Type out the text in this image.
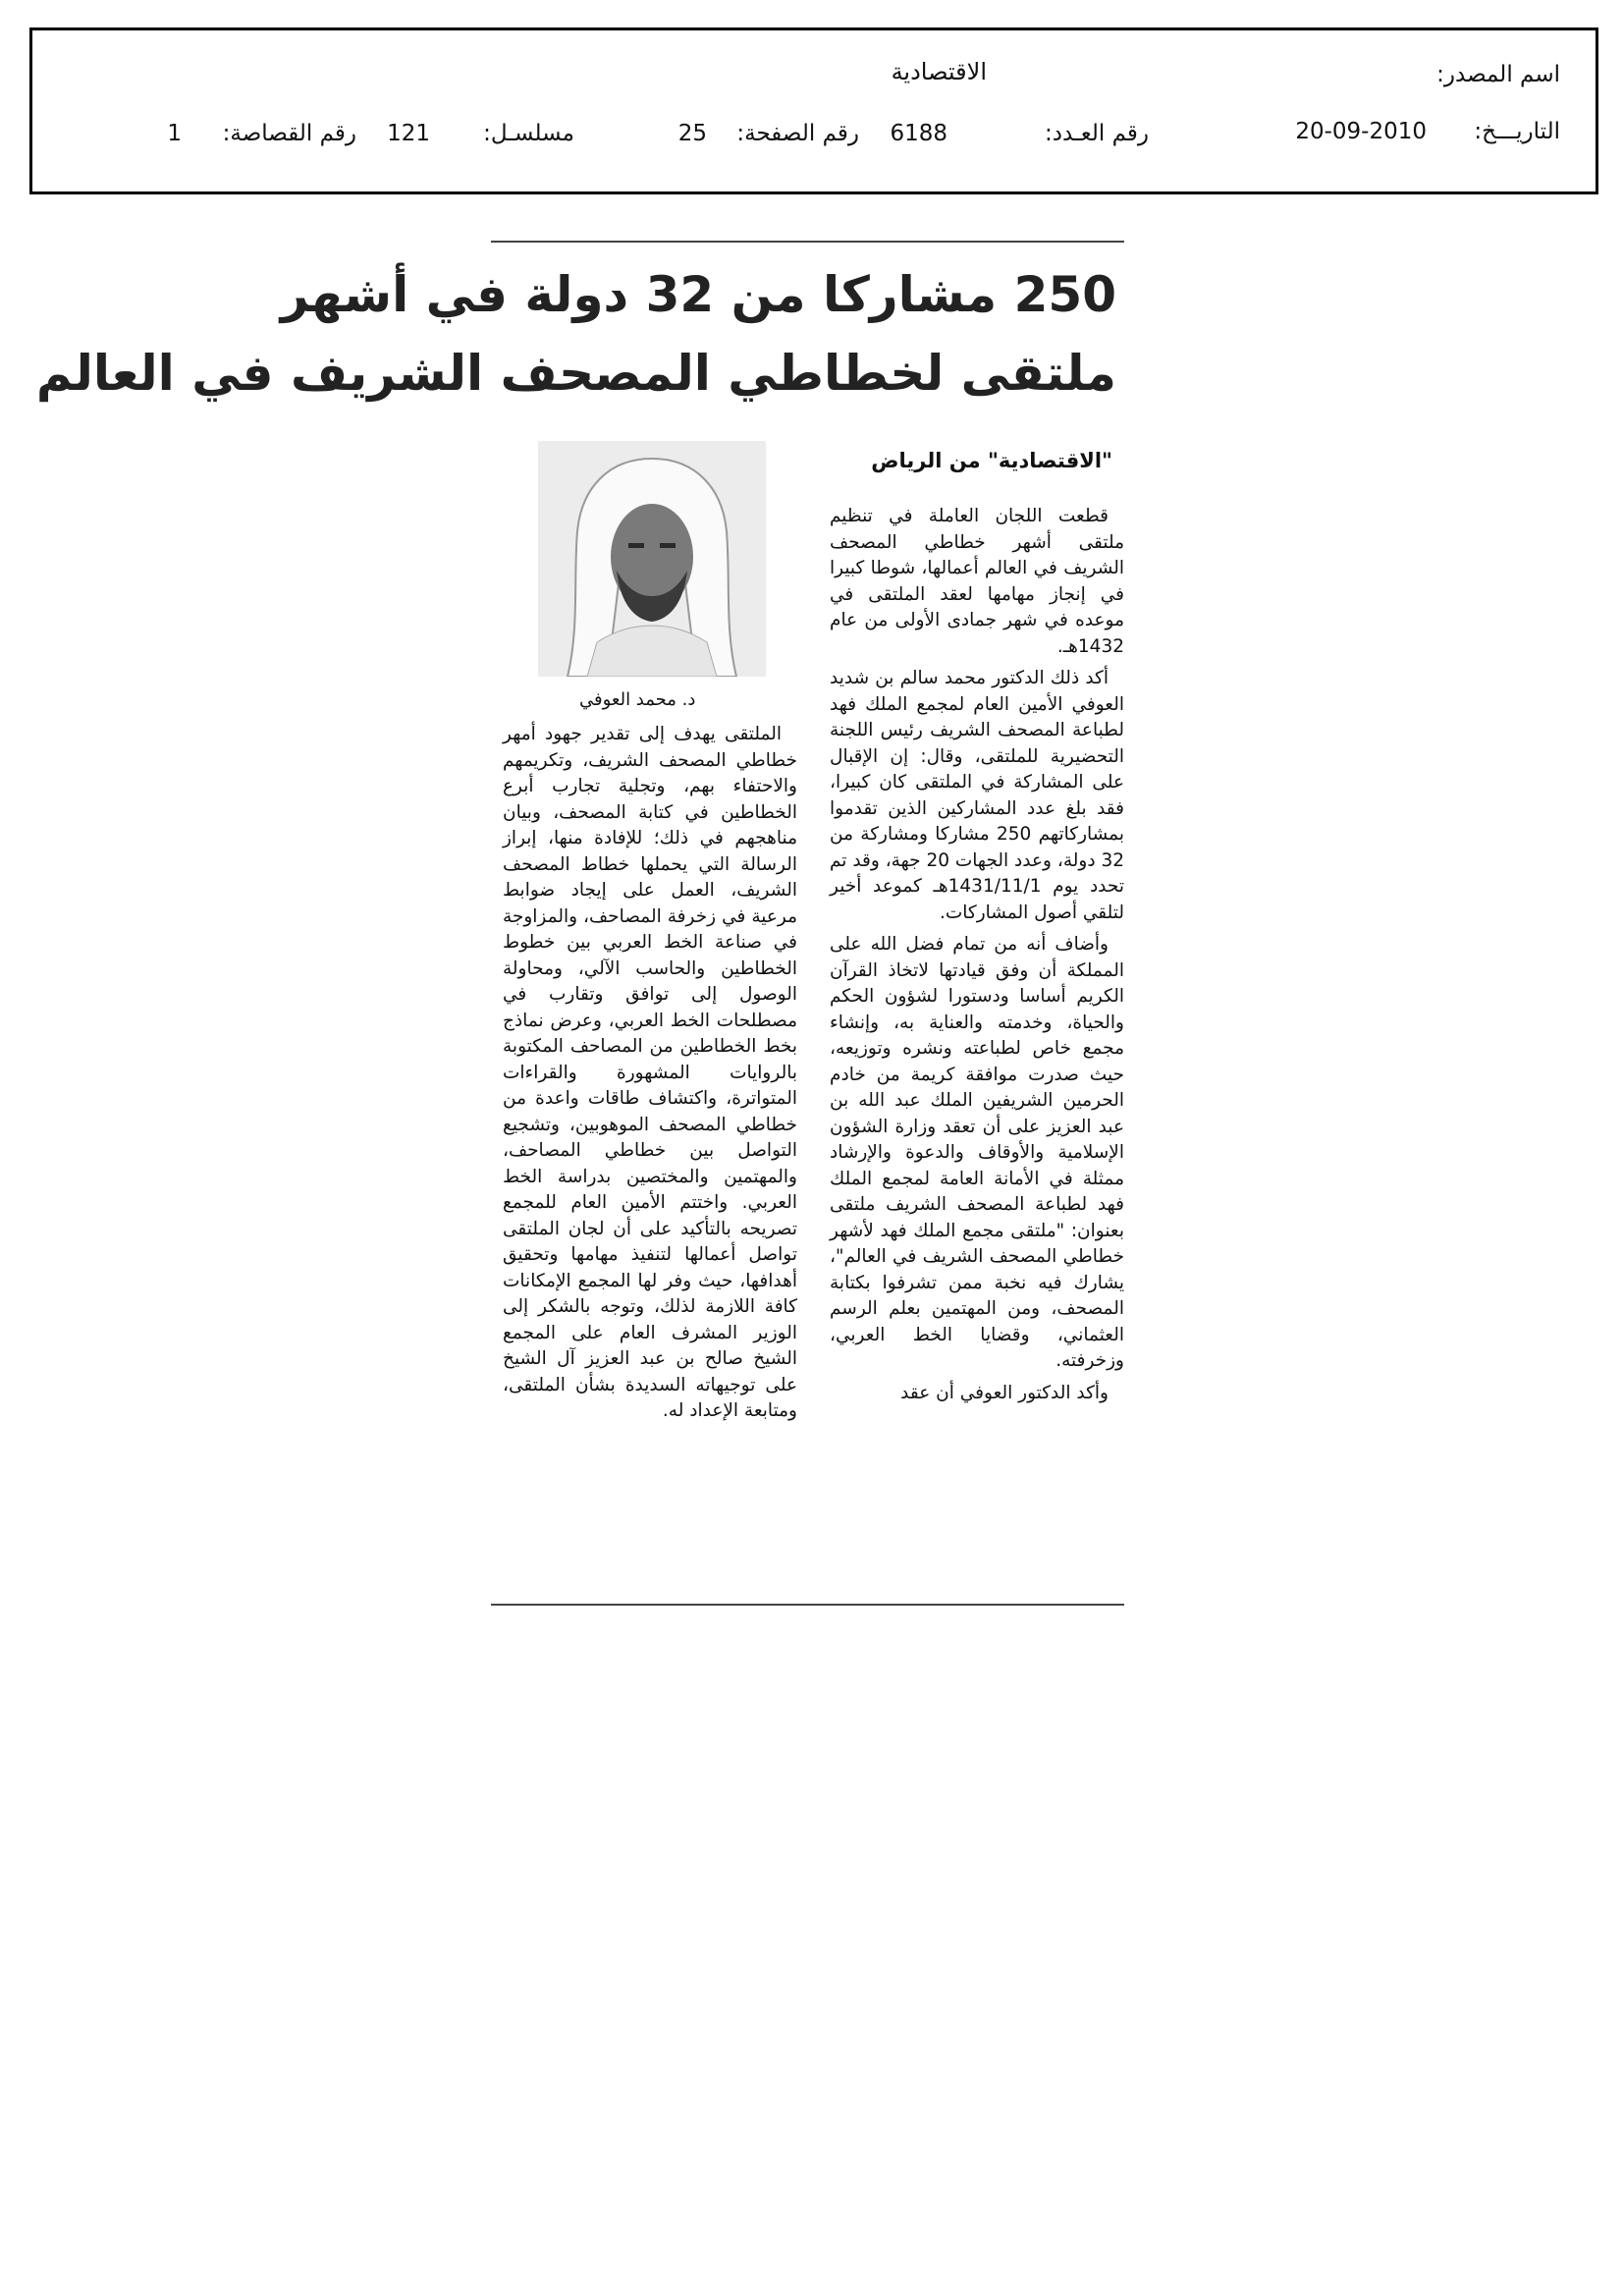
اسم المصدر:
الاقتصادية
التاريـــخ:
20-09-2010
رقم العـدد:
6188
رقم الصفحة:
25
مسلسـل:
121
رقم القصاصة:
1
250 مشاركا من 32 دولة في أشهر
ملتقى لخطاطي المصحف الشريف في العالم
"الاقتصادية" من الرياض
د. محمد العوفي

قطعت اللجان العاملة في تنظيم ملتقى أشهر خطاطي المصحف الشريف في العالم أعمالها، شوطا كبيرا في إنجاز مهامها لعقد الملتقى في موعده في شهر جمادى الأولى من عام 1432هـ.

أكد ذلك الدكتور محمد سالم بن شديد العوفي الأمين العام لمجمع الملك فهد لطباعة المصحف الشريف رئيس اللجنة التحضيرية للملتقى، وقال: إن الإقبال على المشاركة في الملتقى كان كبيرا، فقد بلغ عدد المشاركين الذين تقدموا بمشاركاتهم 250 مشاركا ومشاركة من 32 دولة، وعدد الجهات 20 جهة، وقد تم تحدد يوم 1431/11/1هـ كموعد أخير لتلقي أصول المشاركات.

وأضاف أنه من تمام فضل الله على المملكة أن وفق قيادتها لاتخاذ القرآن الكريم أساسا ودستورا لشؤون الحكم والحياة، وخدمته والعناية به، وإنشاء مجمع خاص لطباعته ونشره وتوزيعه، حيث صدرت موافقة كريمة من خادم الحرمين الشريفين الملك عبد الله بن عبد العزيز على أن تعقد وزارة الشؤون الإسلامية والأوقاف والدعوة والإرشاد ممثلة في الأمانة العامة لمجمع الملك فهد لطباعة المصحف الشريف ملتقى بعنوان: "ملتقى مجمع الملك فهد لأشهر خطاطي المصحف الشريف في العالم"، يشارك فيه نخبة ممن تشرفوا بكتابة المصحف، ومن المهتمين بعلم الرسم العثماني، وقضايا الخط العربي، وزخرفته.

وأكد الدكتور العوفي أن عقد

الملتقى يهدف إلى تقدير جهود أمهر خطاطي المصحف الشريف، وتكريمهم والاحتفاء بهم، وتجلية تجارب أبرع الخطاطين في كتابة المصحف، وبيان مناهجهم في ذلك؛ للإفادة منها، إبراز الرسالة التي يحملها خطاط المصحف الشريف، العمل على إيجاد ضوابط مرعية في زخرفة المصاحف، والمزاوجة في صناعة الخط العربي بين خطوط الخطاطين والحاسب الآلي، ومحاولة الوصول إلى توافق وتقارب في مصطلحات الخط العربي، وعرض نماذج بخط الخطاطين من المصاحف المكتوبة بالروايات المشهورة والقراءات المتواترة، واكتشاف طاقات واعدة من خطاطي المصحف الموهوبين، وتشجيع التواصل بين خطاطي المصاحف، والمهتمين والمختصين بدراسة الخط العربي. واختتم الأمين العام للمجمع تصريحه بالتأكيد على أن لجان الملتقى تواصل أعمالها لتنفيذ مهامها وتحقيق أهدافها، حيث وفر لها المجمع الإمكانات كافة اللازمة لذلك، وتوجه بالشكر إلى الوزير المشرف العام على المجمع الشيخ صالح بن عبد العزيز آل الشيخ على توجيهاته السديدة بشأن الملتقى، ومتابعة الإعداد له.
